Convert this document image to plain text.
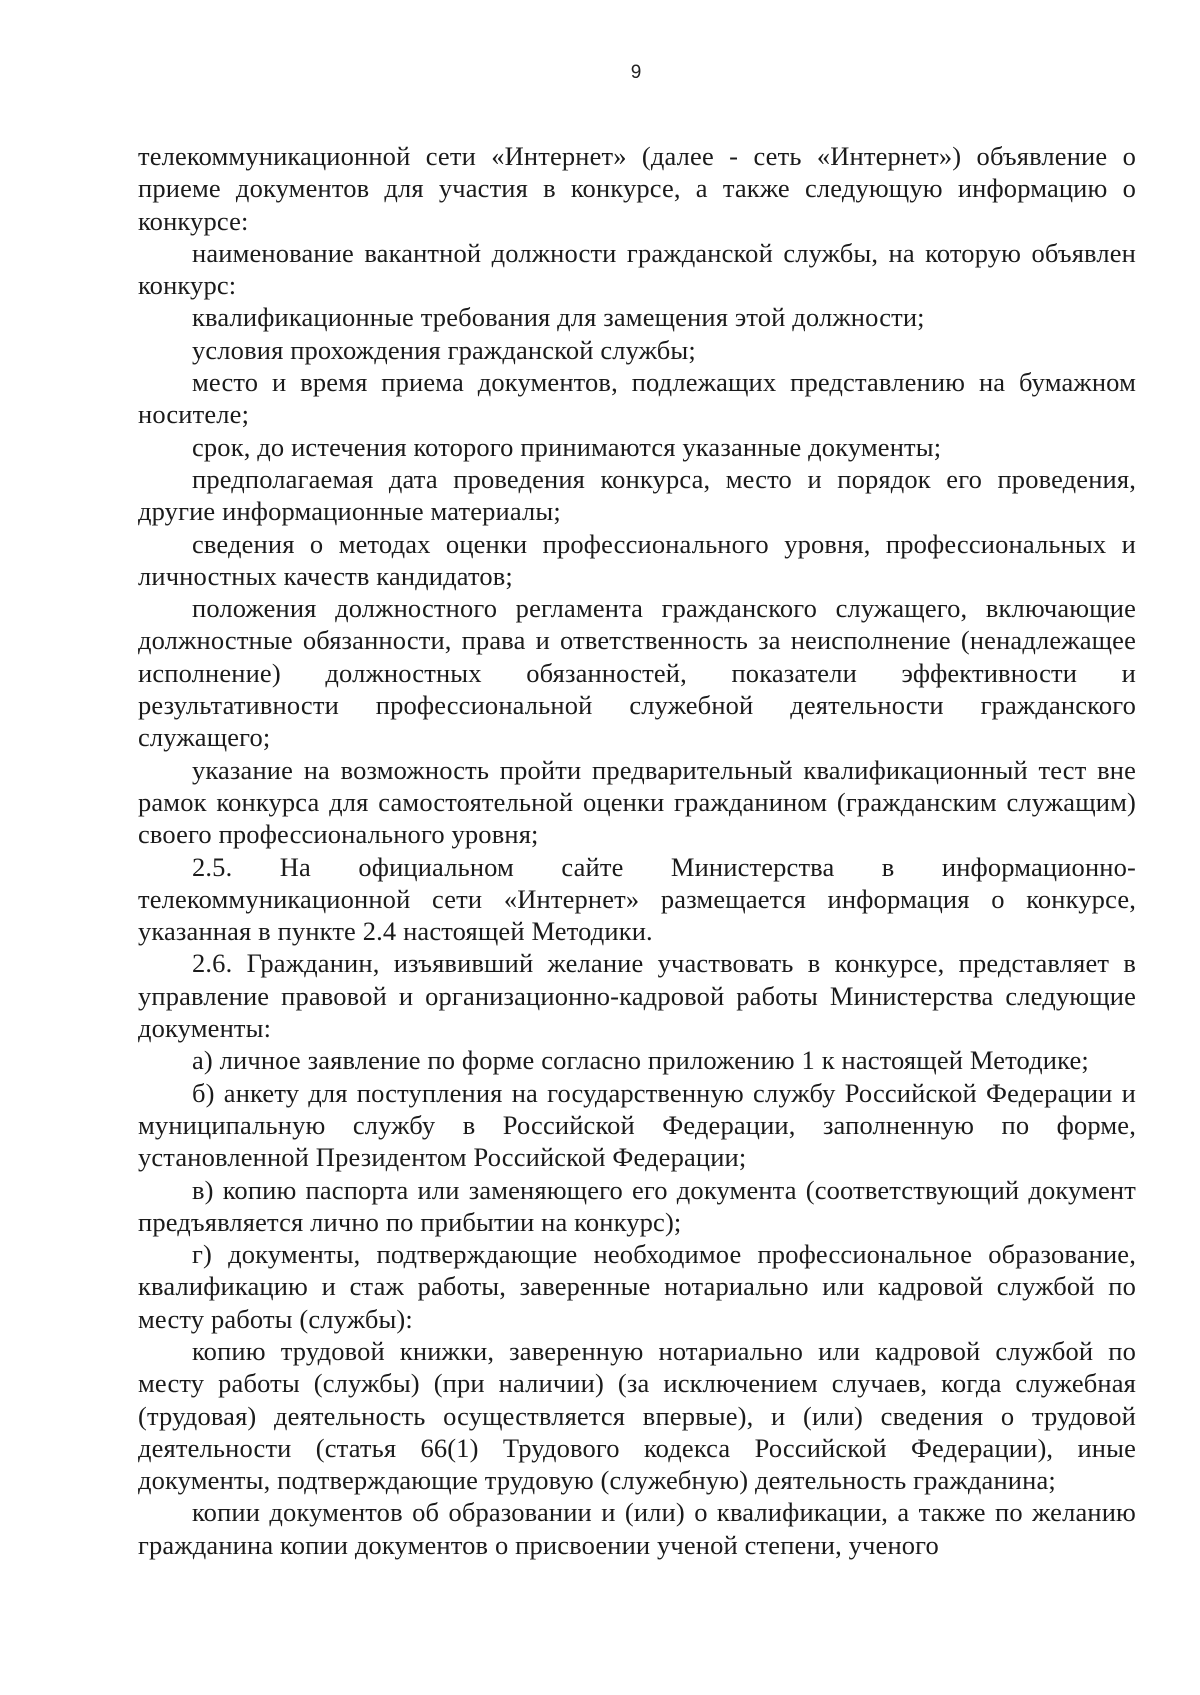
9

телекоммуникационной сети «Интернет» (далее - сеть «Интернет») объявление о приеме документов для участия в конкурсе, а также следующую информацию о конкурсе:

наименование вакантной должности гражданской службы, на которую объявлен конкурс:

квалификационные требования для замещения этой должности;

условия прохождения гражданской службы;

место и время приема документов, подлежащих представлению на бумажном носителе;

срок, до истечения которого принимаются указанные документы;

предполагаемая дата проведения конкурса, место и порядок его проведения, другие информационные материалы;

сведения о методах оценки профессионального уровня, профессиональных и личностных качеств кандидатов;

положения должностного регламента гражданского служащего, включающие должностные обязанности, права и ответственность за неисполнение (ненадлежащее исполнение) должностных обязанностей, показатели эффективности и результативности профессиональной служебной деятельности гражданского служащего;

указание на возможность пройти предварительный квалификационный тест вне рамок конкурса для самостоятельной оценки гражданином (гражданским служащим) своего профессионального уровня;

2.5. На официальном сайте Министерства в информационно-телекоммуникационной сети «Интернет» размещается информация о конкурсе, указанная в пункте 2.4 настоящей Методики.

2.6. Гражданин, изъявивший желание участвовать в конкурсе, представляет в управление правовой и организационно-кадровой работы Министерства следующие документы:

а) личное заявление по форме согласно приложению 1 к настоящей Методике;

б) анкету для поступления на государственную службу Российской Федерации и муниципальную службу в Российской Федерации, заполненную по форме, установленной Президентом Российской Федерации;

в) копию паспорта или заменяющего его документа (соответствующий документ предъявляется лично по прибытии на конкурс);

г) документы, подтверждающие необходимое профессиональное образование, квалификацию и стаж работы, заверенные нотариально или кадровой службой по месту работы (службы):

копию трудовой книжки, заверенную нотариально или кадровой службой по месту работы (службы) (при наличии) (за исключением случаев, когда служебная (трудовая) деятельность осуществляется впервые), и (или) сведения о трудовой деятельности (статья 66(1) Трудового кодекса Российской Федерации), иные документы, подтверждающие трудовую (служебную) деятельность гражданина;

копии документов об образовании и (или) о квалификации, а также по желанию гражданина копии документов о присвоении ученой степени, ученого
